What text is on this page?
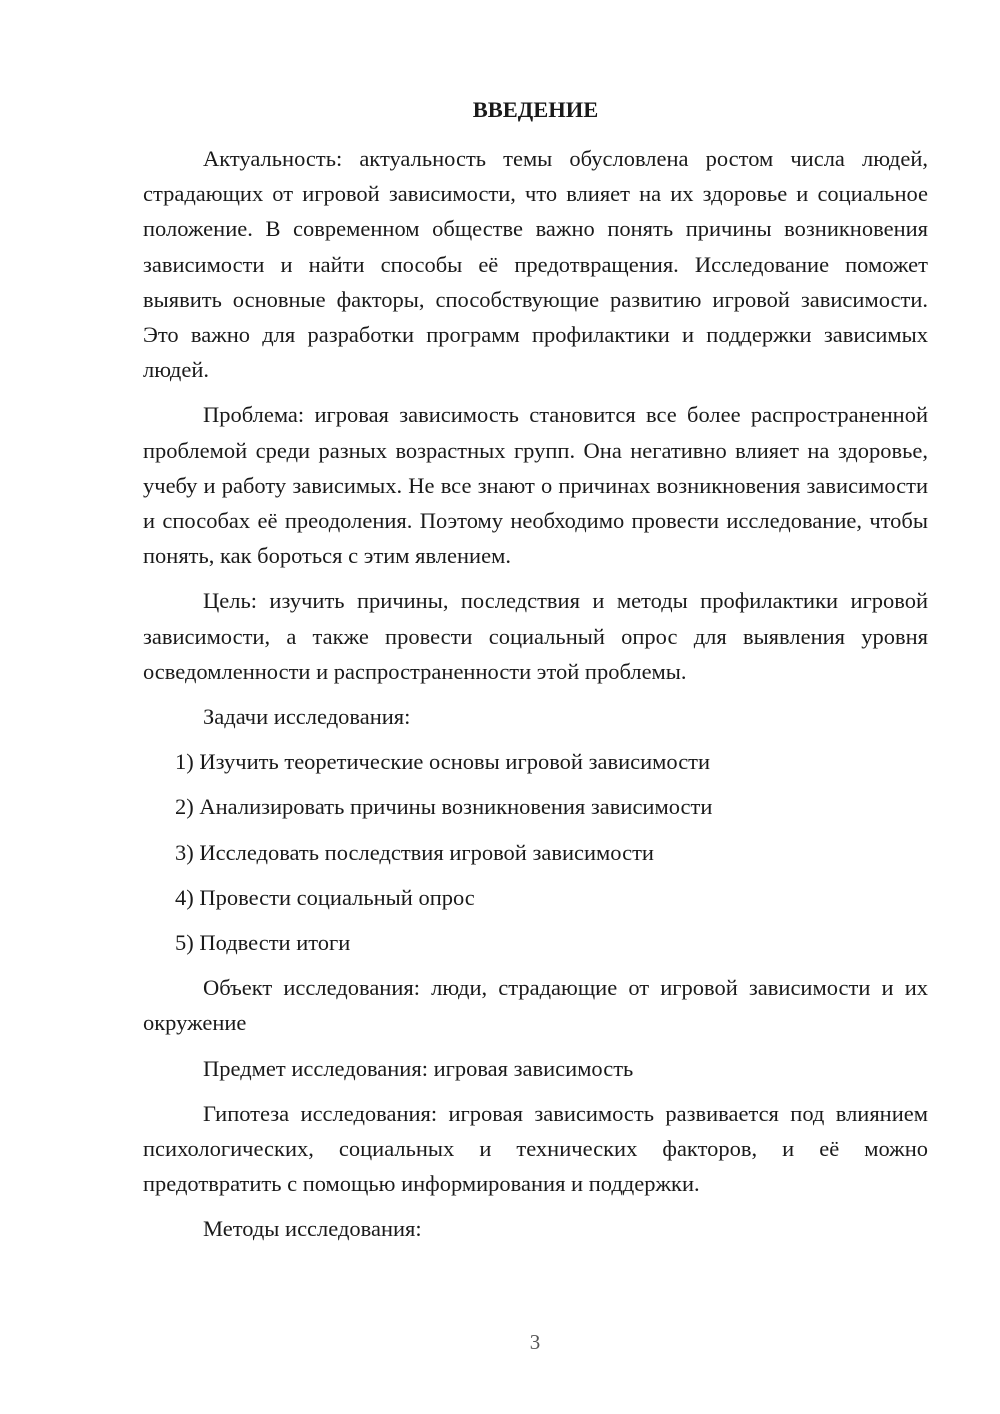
ВВЕДЕНИЕ

Актуальность: актуальность темы обусловлена ростом числа людей, страдающих от игровой зависимости, что влияет на их здоровье и социальное положение. В современном обществе важно понять причины возникновения зависимости и найти способы её предотвращения. Исследование поможет выявить основные факторы, способствующие развитию игровой зависимости. Это важно для разработки программ профилактики и поддержки зависимых людей.

Проблема: игровая зависимость становится все более распространенной проблемой среди разных возрастных групп. Она негативно влияет на здоровье, учебу и работу зависимых. Не все знают о причинах возникновения зависимости и способах её преодоления. Поэтому необходимо провести исследование, чтобы понять, как бороться с этим явлением.

Цель: изучить причины, последствия и методы профилактики игровой зависимости, а также провести социальный опрос для выявления уровня осведомленности и распространенности этой проблемы.

Задачи исследования:

1) Изучить теоретические основы игровой зависимости
2) Анализировать причины возникновения зависимости
3) Исследовать последствия игровой зависимости
4) Провести социальный опрос
5) Подвести итоги

Объект исследования: люди, страдающие от игровой зависимости и их окружение

Предмет исследования: игровая зависимость

Гипотеза исследования: игровая зависимость развивается под влиянием психологических, социальных и технических факторов, и её можно предотвратить с помощью информирования и поддержки.

Методы исследования:

3
